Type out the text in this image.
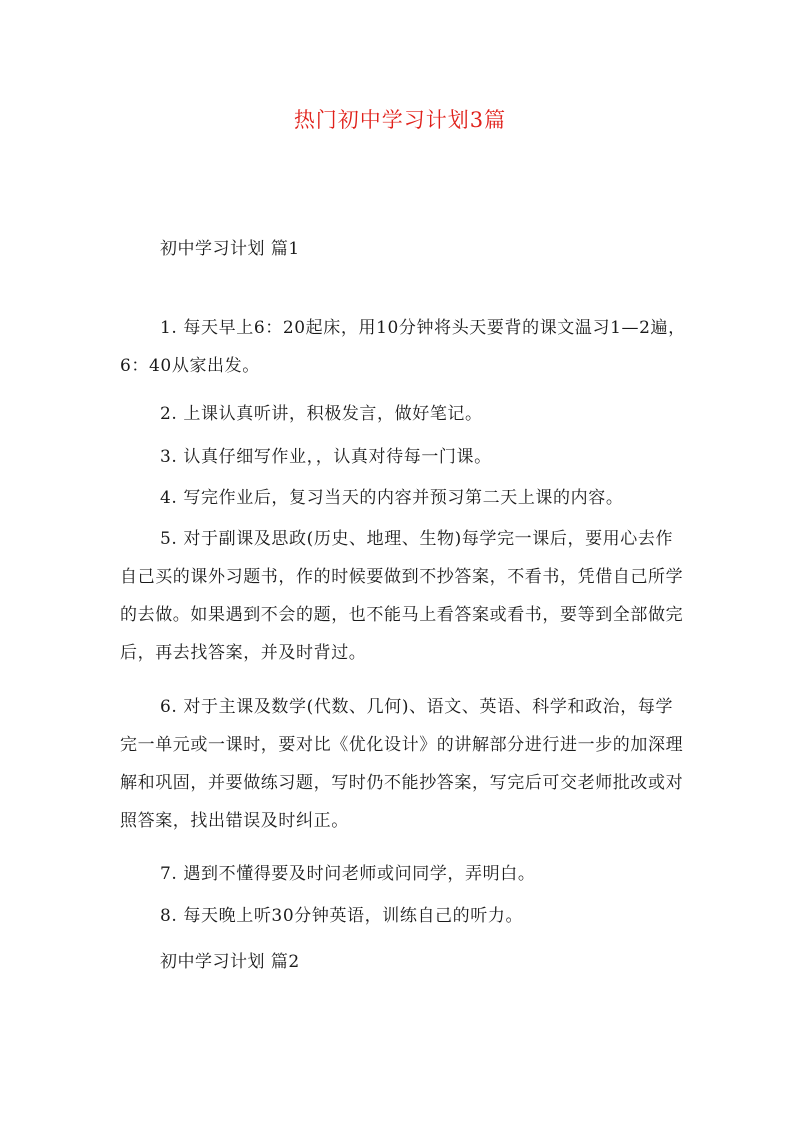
热门初中学习计划3篇
初中学习计划 篇1

1. 每天早上6：20起床，用10分钟将头天要背的课文温习1—2遍，6：40从家出发。

2. 上课认真听讲，积极发言，做好笔记。

3. 认真仔细写作业，，认真对待每一门课。

4. 写完作业后，复习当天的内容并预习第二天上课的内容。

5. 对于副课及思政(历史、地理、生物)每学完一课后，要用心去作自己买的课外习题书，作的时候要做到不抄答案，不看书，凭借自己所学的去做。如果遇到不会的题，也不能马上看答案或看书，要等到全部做完后，再去找答案，并及时背过。

6. 对于主课及数学(代数、几何)、语文、英语、科学和政治，每学完一单元或一课时，要对比《优化设计》的讲解部分进行进一步的加深理解和巩固，并要做练习题，写时仍不能抄答案，写完后可交老师批改或对照答案，找出错误及时纠正。

7. 遇到不懂得要及时问老师或问同学，弄明白。

8. 每天晚上听30分钟英语，训练自己的听力。

初中学习计划 篇2
